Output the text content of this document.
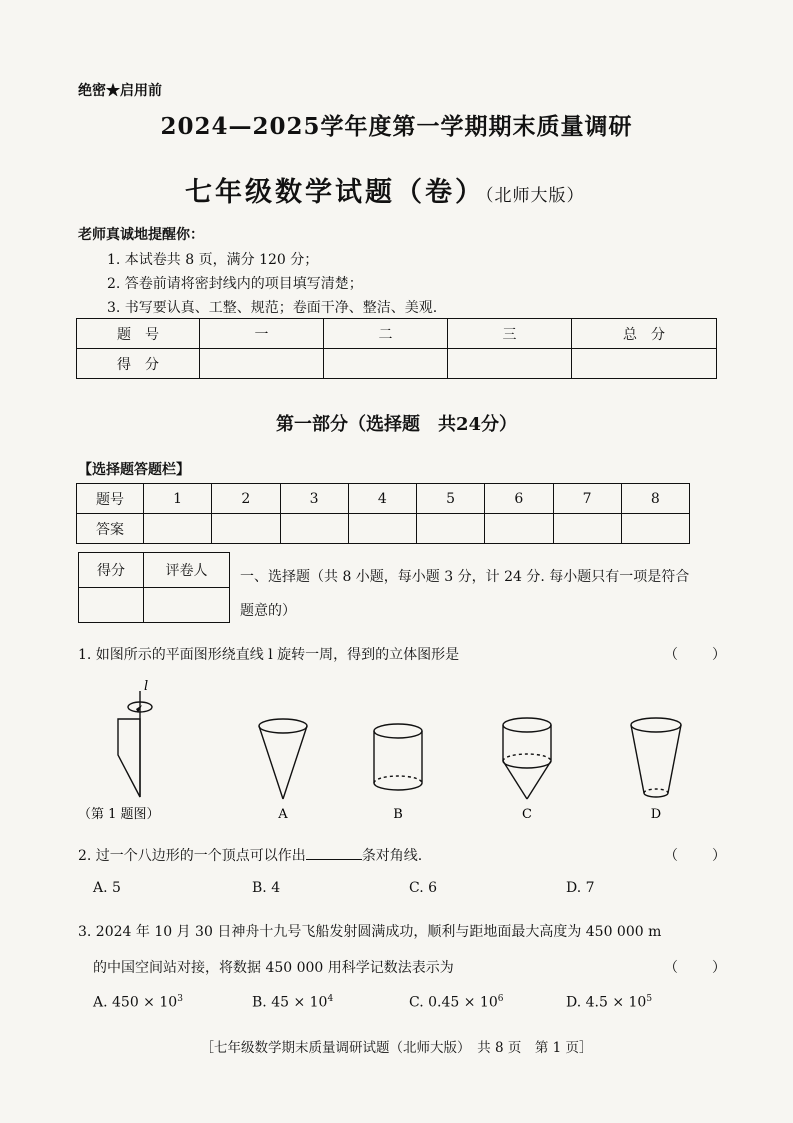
绝密★启用前
2024—2025学年度第一学期期末质量调研
七年级数学试题（卷）（北师大版）
老师真诚地提醒你：
1. 本试卷共 8 页，满分 120 分；
2. 答卷前请将密封线内的项目填写清楚；
3. 书写要认真、工整、规范；卷面干净、整洁、美观.
题　号	一	二	三	总　分
得　分				
第一部分（选择题　共24分）
【选择题答题栏】
题号	1	2	3	4	5	6	7	8
答案								
得分	评卷人
	一、选择题（共 8 小题，每小题 3 分，计 24 分. 每小题只有一项是符合
题意的）
1. 如图所示的平面图形绕直线 l 旋转一周，得到的立体图形是	（　　）
l
（第 1 题图）	A	B	C	D
2. 过一个八边形的一个顶点可以作出	条对角线.	（　　）
A. 5	B. 4	C. 6	D. 7
3. 2024 年 10 月 30 日神舟十九号飞船发射圆满成功，顺利与距地面最大高度为 450 000 m
的中国空间站对接，将数据 450 000 用科学记数法表示为	（　　）
A. $450 \times 10^3$	B. $45 \times 10^4$	C. $0.45 \times 10^6$	D. $4.5 \times 10^5$
［七年级数学期末质量调研试题（北师大版）　共 8 页　第 1 页］
